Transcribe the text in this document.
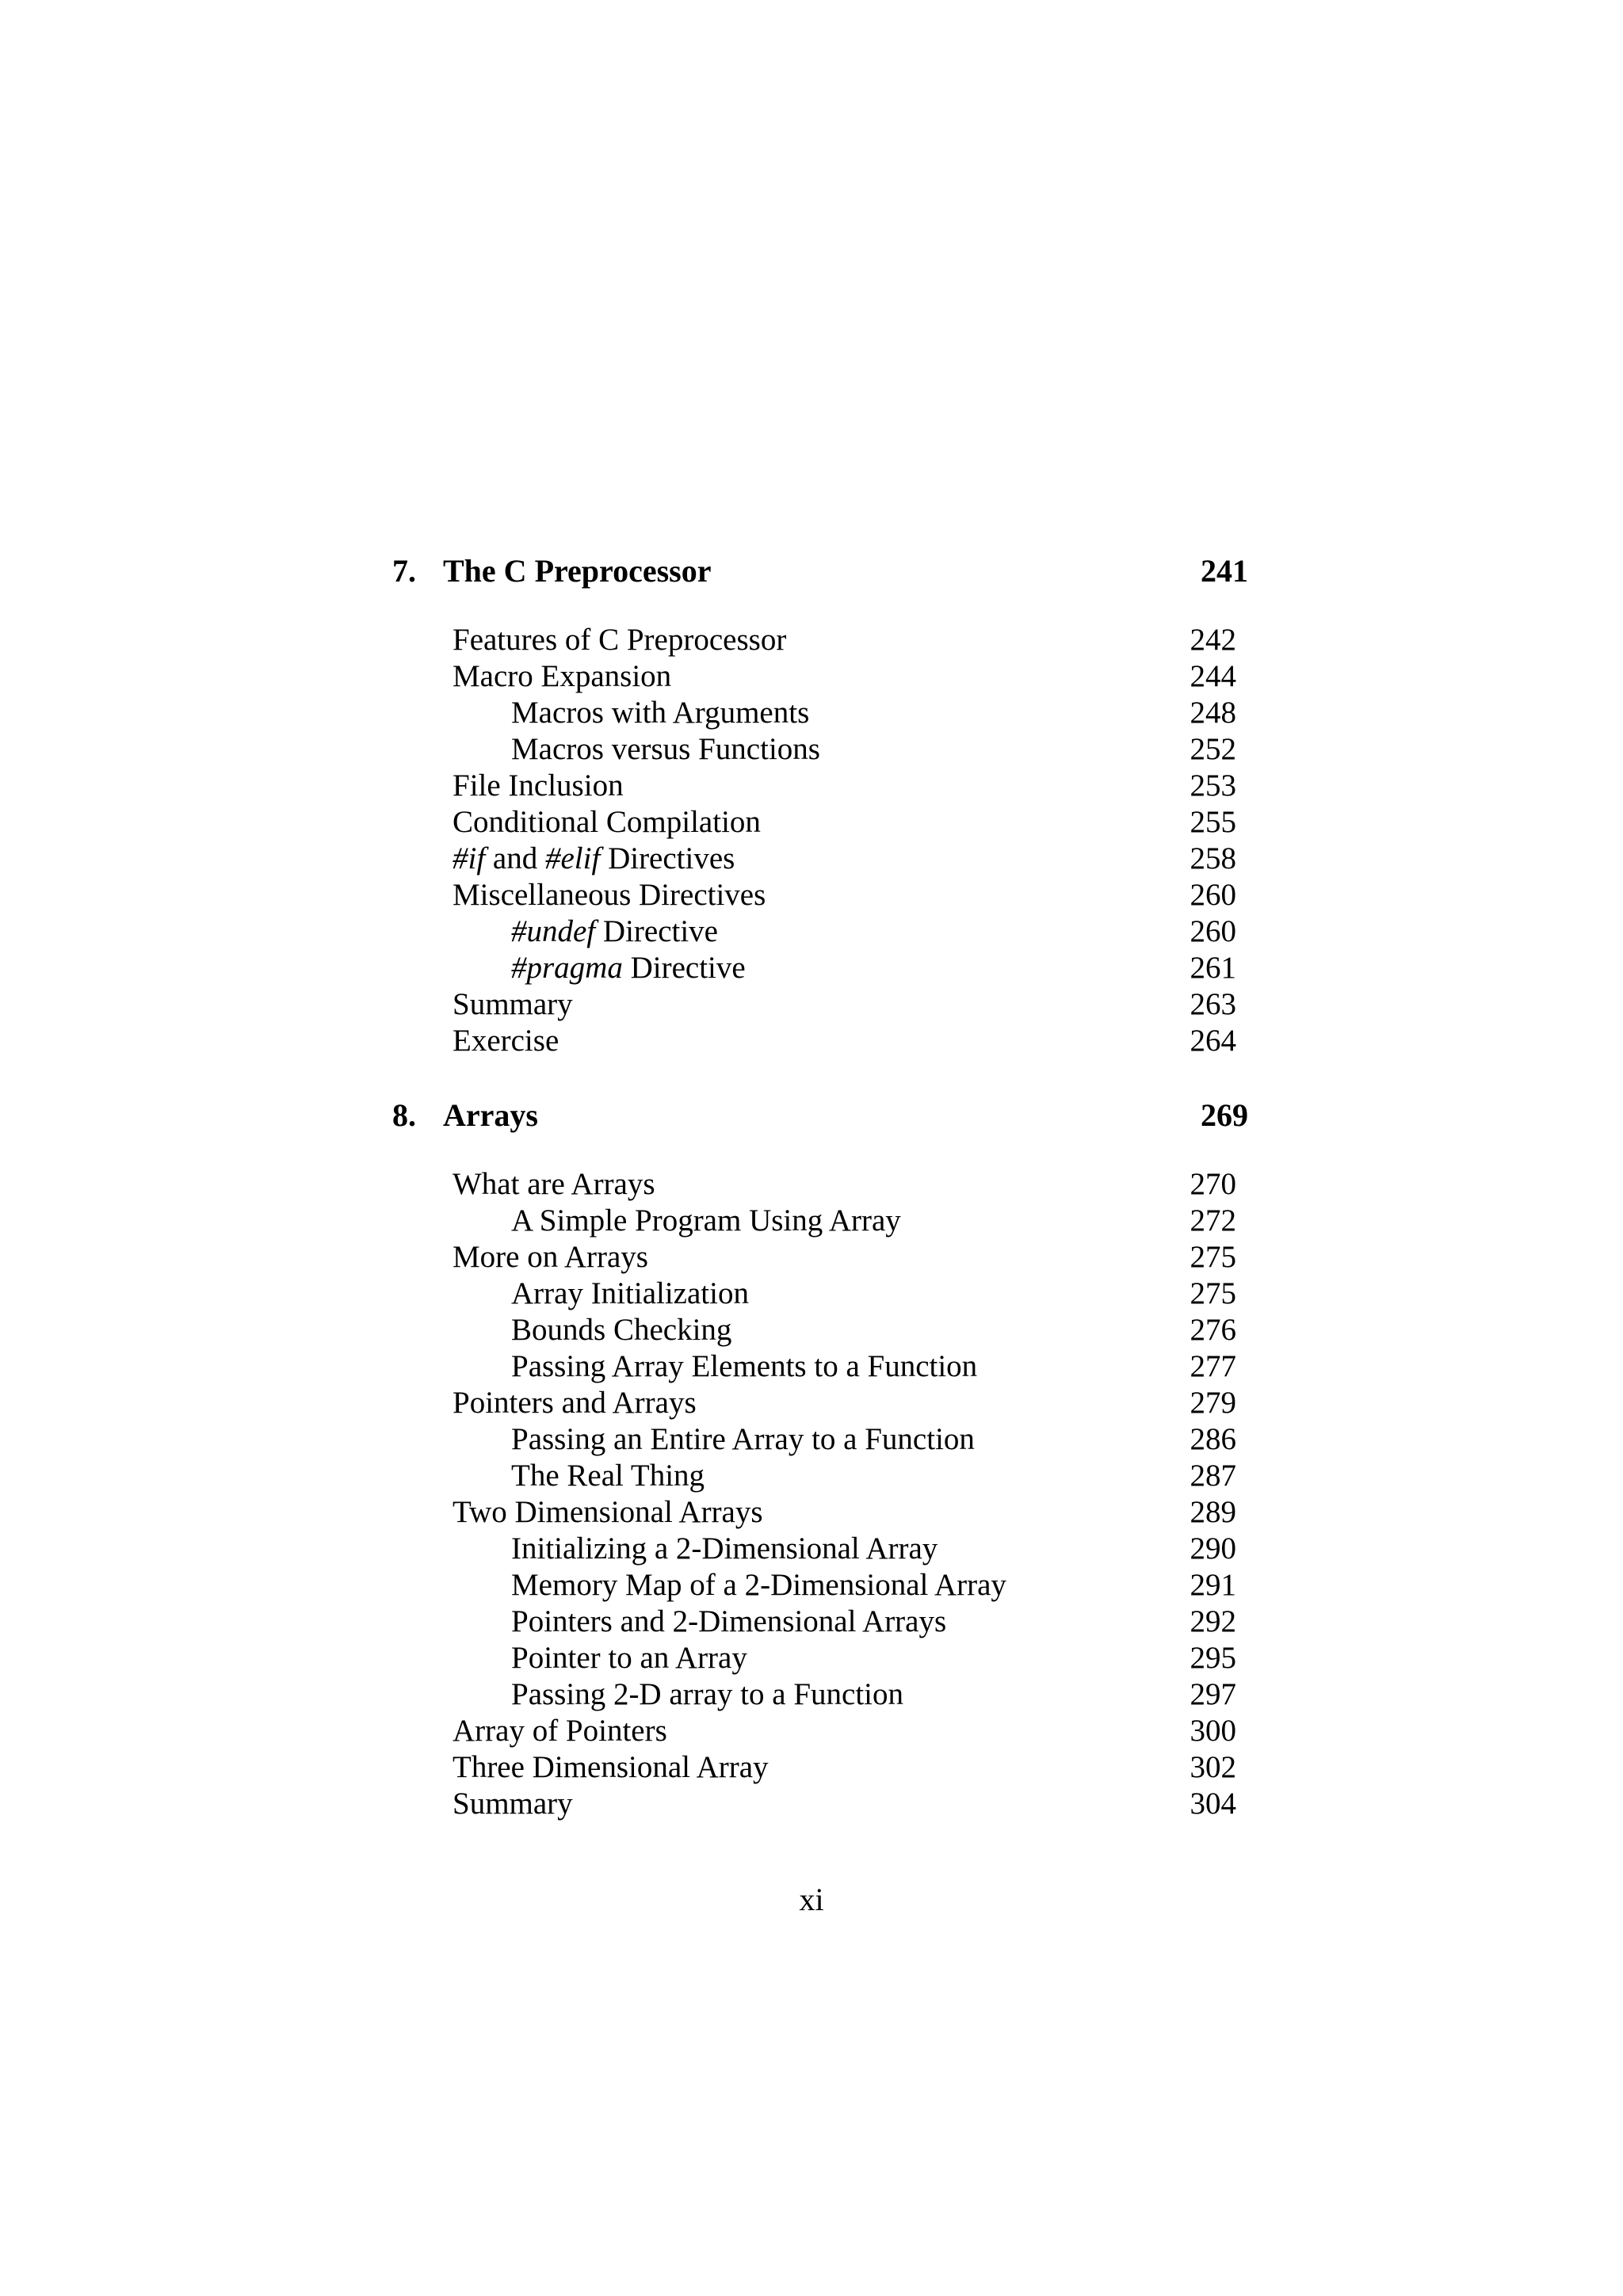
7. The C Preprocessor	241
Features of C Preprocessor	242
Macro Expansion	244
Macros with Arguments	248
Macros versus Functions	252
File Inclusion	253
Conditional Compilation	255
#if and #elif Directives	258
Miscellaneous Directives	260
#undef Directive	260
#pragma Directive	261
Summary	263
Exercise	264
8. Arrays	269
What are Arrays	270
A Simple Program Using Array	272
More on Arrays	275
Array Initialization	275
Bounds Checking	276
Passing Array Elements to a Function	277
Pointers and Arrays	279
Passing an Entire Array to a Function	286
The Real Thing	287
Two Dimensional Arrays	289
Initializing a 2-Dimensional Array	290
Memory Map of a 2-Dimensional Array	291
Pointers and 2-Dimensional Arrays	292
Pointer to an Array	295
Passing 2-D array to a Function	297
Array of Pointers	300
Three Dimensional Array	302
Summary	304
xi
